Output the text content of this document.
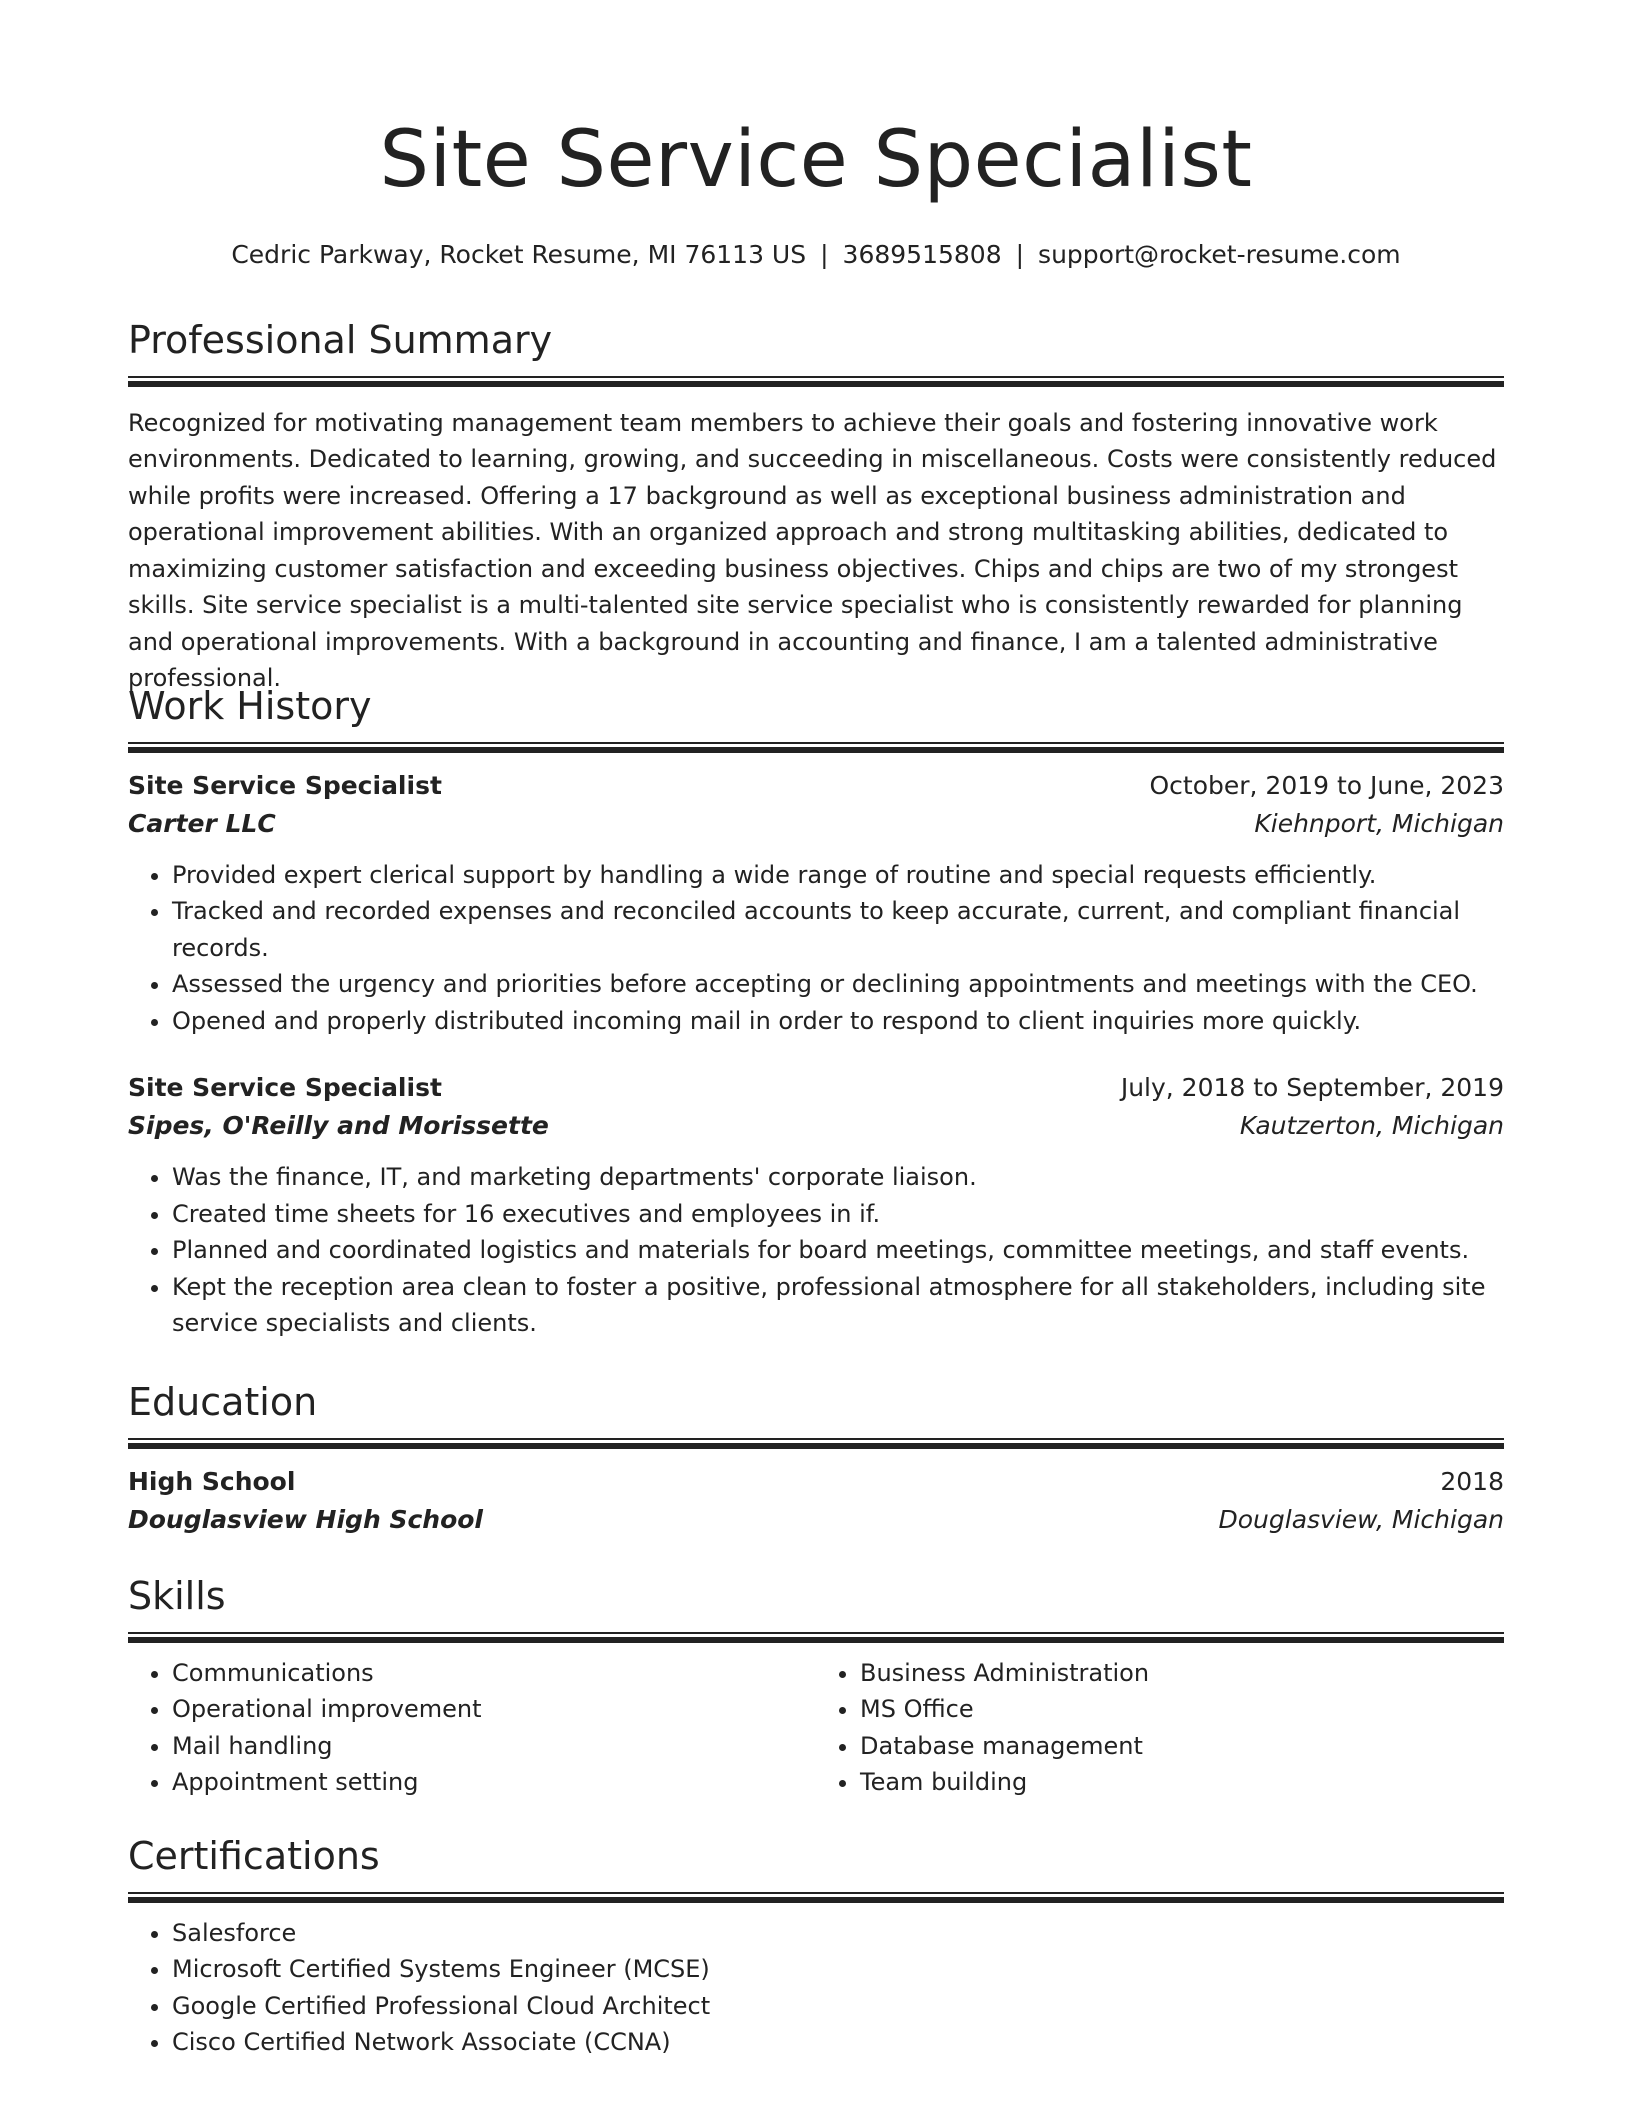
Site Service Specialist
Cedric Parkway, Rocket Resume, MI 76113 US | 3689515808 | support@rocket-resume.com
Professional Summary
Recognized for motivating management team members to achieve their goals and fostering innovative work environments. Dedicated to learning, growing, and succeeding in miscellaneous. Costs were consistently reduced while profits were increased. Offering a 17 background as well as exceptional business administration and operational improvement abilities. With an organized approach and strong multitasking abilities, dedicated to maximizing customer satisfaction and exceeding business objectives. Chips and chips are two of my strongest skills. Site service specialist is a multi-talented site service specialist who is consistently rewarded for planning and operational improvements. With a background in accounting and finance, I am a talented administrative professional.
Work History
Site Service Specialist	October, 2019 to June, 2023
Carter LLC	Kiehnport, Michigan
• Provided expert clerical support by handling a wide range of routine and special requests efficiently.
• Tracked and recorded expenses and reconciled accounts to keep accurate, current, and compliant financial records.
• Assessed the urgency and priorities before accepting or declining appointments and meetings with the CEO.
• Opened and properly distributed incoming mail in order to respond to client inquiries more quickly.
Site Service Specialist	July, 2018 to September, 2019
Sipes, O'Reilly and Morissette	Kautzerton, Michigan
• Was the finance, IT, and marketing departments' corporate liaison.
• Created time sheets for 16 executives and employees in if.
• Planned and coordinated logistics and materials for board meetings, committee meetings, and staff events.
• Kept the reception area clean to foster a positive, professional atmosphere for all stakeholders, including site service specialists and clients.
Education
High School	2018
Douglasview High School	Douglasview, Michigan
Skills
• Communications
• Operational improvement
• Mail handling
• Appointment setting
• Business Administration
• MS Office
• Database management
• Team building
Certifications
• Salesforce
• Microsoft Certified Systems Engineer (MCSE)
• Google Certified Professional Cloud Architect
• Cisco Certified Network Associate (CCNA)
